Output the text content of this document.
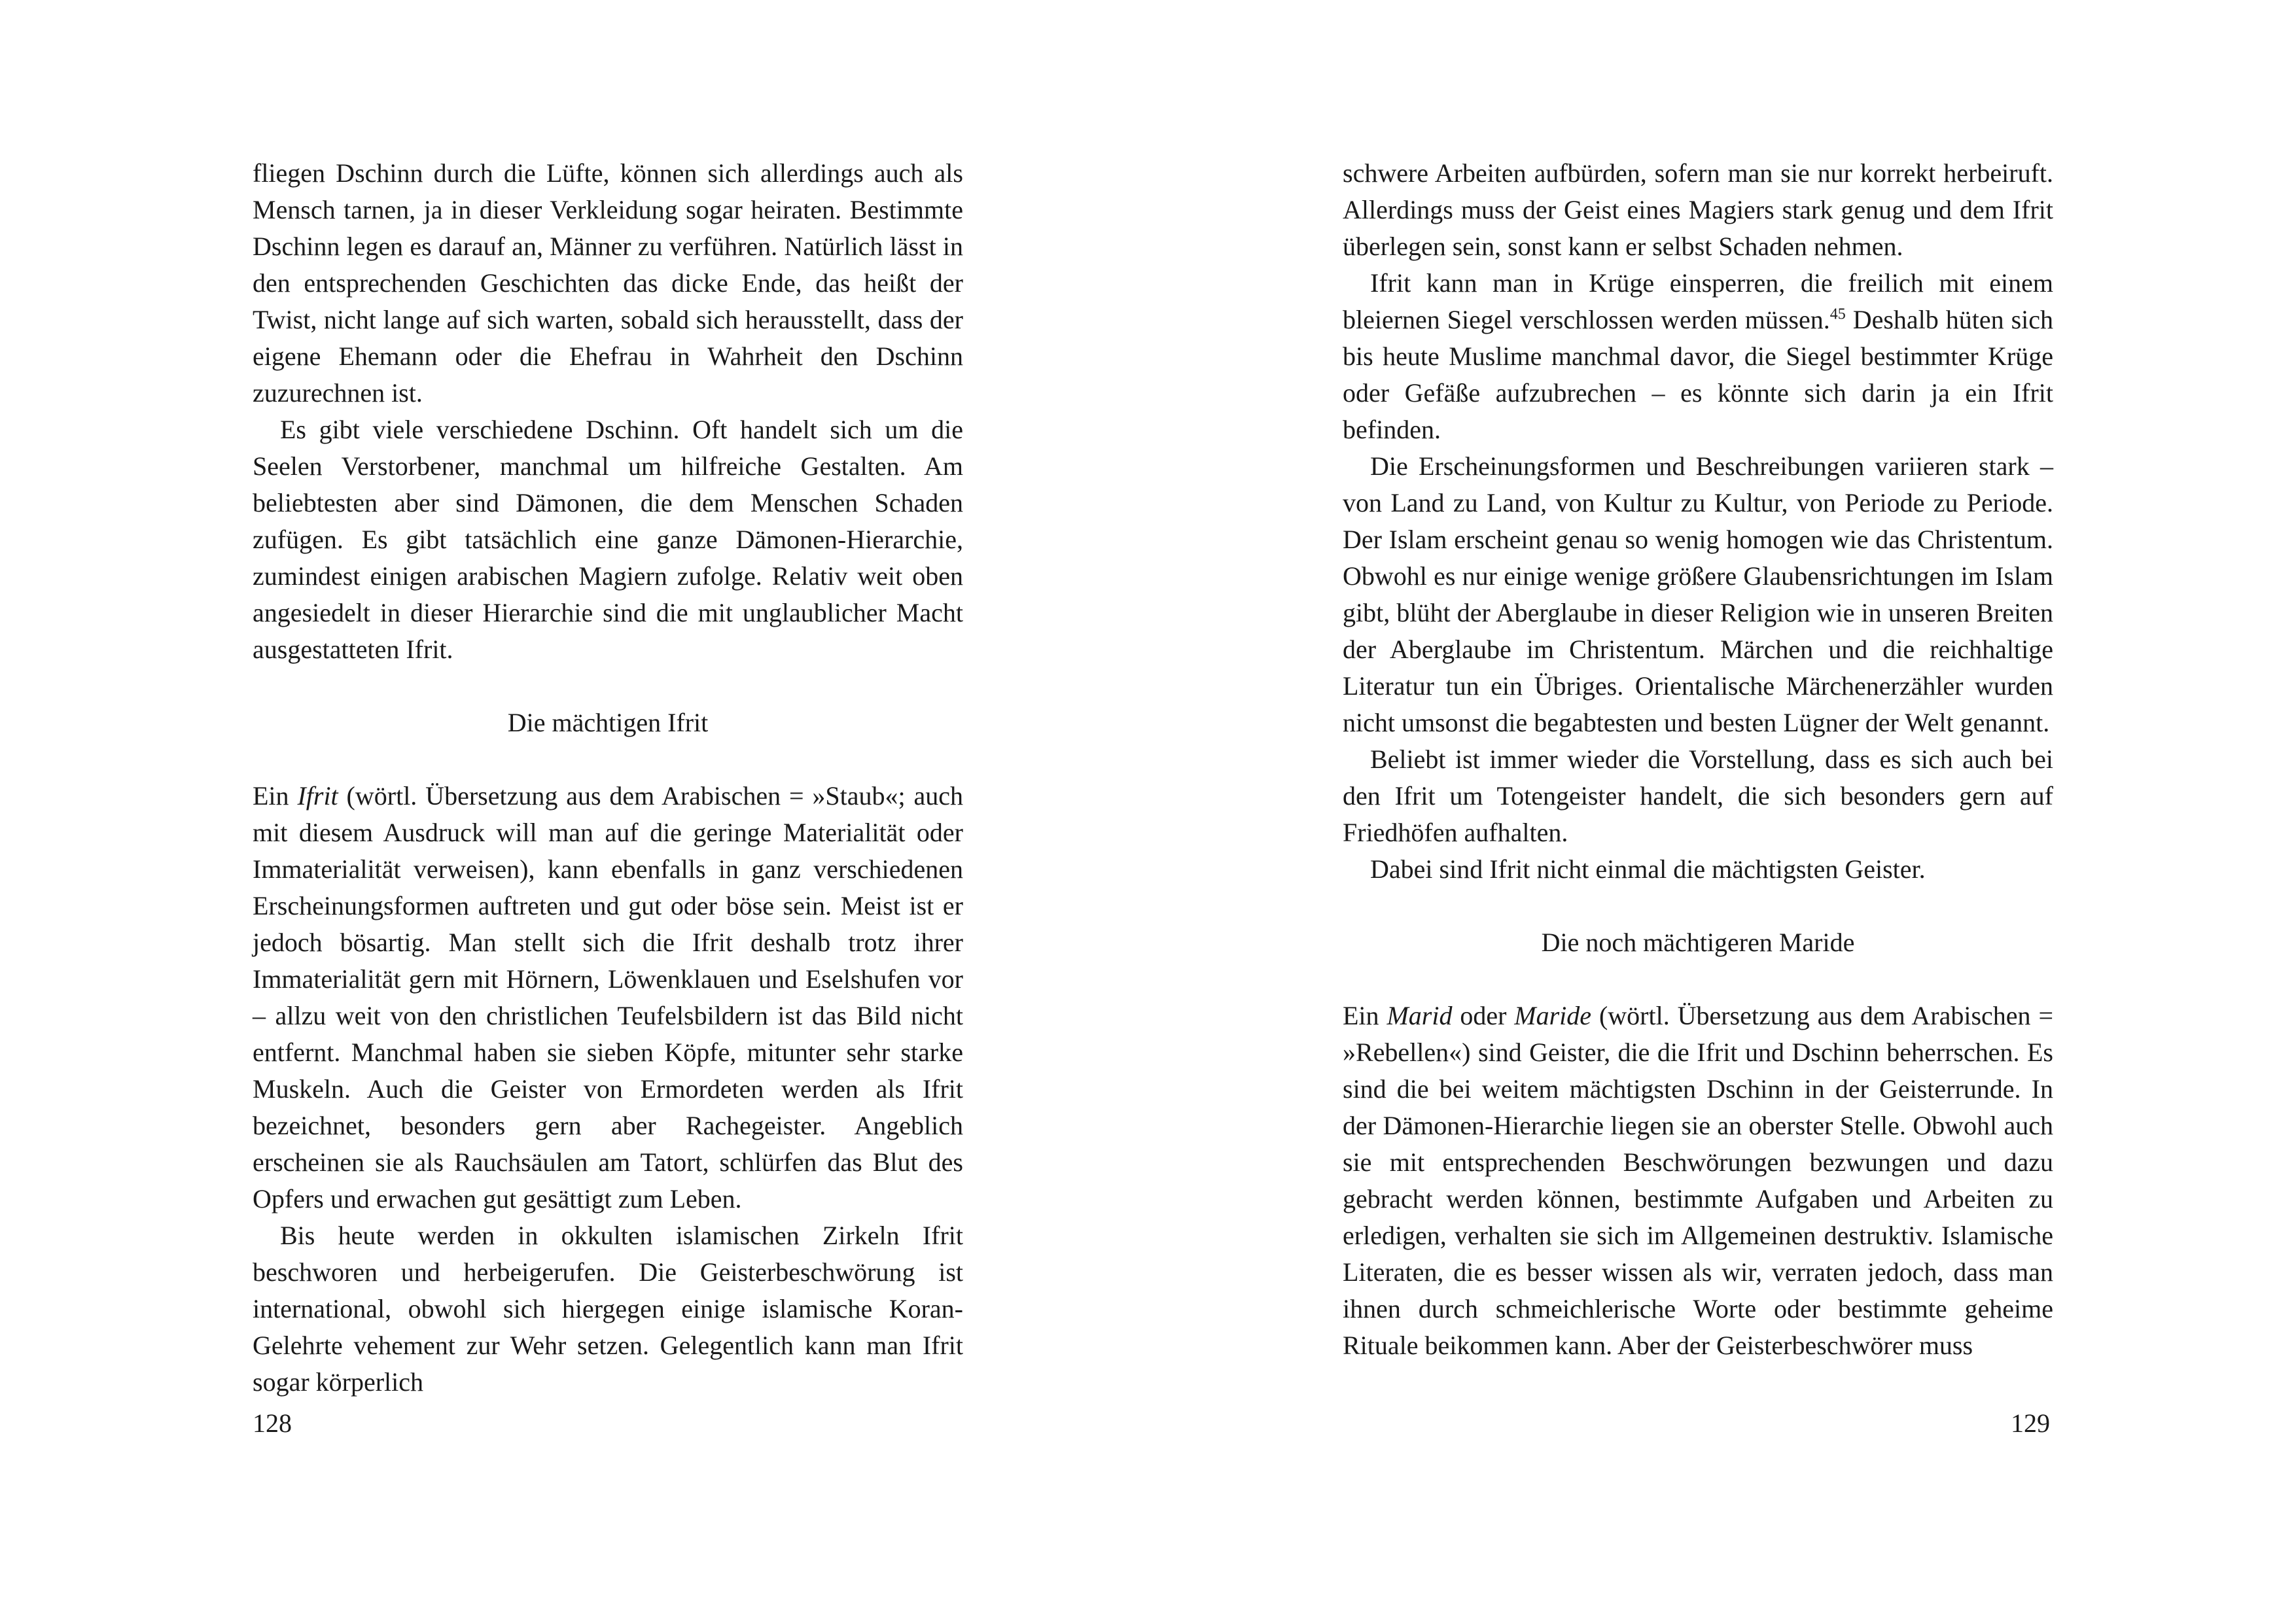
fliegen Dschinn durch die Lüfte, können sich allerdings auch als Mensch tarnen, ja in dieser Verkleidung sogar heiraten. Bestimmte Dschinn legen es darauf an, Männer zu verführen. Natürlich lässt in den entsprechenden Geschichten das dicke Ende, das heißt der Twist, nicht lange auf sich warten, sobald sich herausstellt, dass der eigene Ehemann oder die Ehefrau in Wahrheit den Dschinn zuzurechnen ist.

Es gibt viele verschiedene Dschinn. Oft handelt sich um die Seelen Verstorbener, manchmal um hilfreiche Gestalten. Am beliebtesten aber sind Dämonen, die dem Menschen Schaden zufügen. Es gibt tatsächlich eine ganze Dämonen-Hierarchie, zumindest einigen arabischen Magiern zufolge. Relativ weit oben angesiedelt in dieser Hierarchie sind die mit unglaublicher Macht ausgestatteten Ifrit.

Die mächtigen Ifrit

Ein Ifrit (wörtl. Übersetzung aus dem Arabischen = »Staub«; auch mit diesem Ausdruck will man auf die geringe Materialität oder Immaterialität verweisen), kann ebenfalls in ganz verschiedenen Erscheinungsformen auftreten und gut oder böse sein. Meist ist er jedoch bösartig. Man stellt sich die Ifrit deshalb trotz ihrer Immaterialität gern mit Hörnern, Löwenklauen und Eselshufen vor – allzu weit von den christlichen Teufelsbildern ist das Bild nicht entfernt. Manchmal haben sie sieben Köpfe, mitunter sehr starke Muskeln. Auch die Geister von Ermordeten werden als Ifrit bezeichnet, besonders gern aber Rachegeister. Angeblich erscheinen sie als Rauchsäulen am Tatort, schlürfen das Blut des Opfers und erwachen gut gesättigt zum Leben.

Bis heute werden in okkulten islamischen Zirkeln Ifrit beschworen und herbeigerufen. Die Geisterbeschwörung ist international, obwohl sich hiergegen einige islamische Koran-Gelehrte vehement zur Wehr setzen. Gelegentlich kann man Ifrit sogar körperlich

128

schwere Arbeiten aufbürden, sofern man sie nur korrekt herbeiruft. Allerdings muss der Geist eines Magiers stark genug und dem Ifrit überlegen sein, sonst kann er selbst Schaden nehmen.

Ifrit kann man in Krüge einsperren, die freilich mit einem bleiernen Siegel verschlossen werden müssen.$^{45}$ Deshalb hüten sich bis heute Muslime manchmal davor, die Siegel bestimmter Krüge oder Gefäße aufzubrechen – es könnte sich darin ja ein Ifrit befinden.

Die Erscheinungsformen und Beschreibungen variieren stark – von Land zu Land, von Kultur zu Kultur, von Periode zu Periode. Der Islam erscheint genau so wenig homogen wie das Christentum. Obwohl es nur einige wenige größere Glaubensrichtungen im Islam gibt, blüht der Aberglaube in dieser Religion wie in unseren Breiten der Aberglaube im Christentum. Märchen und die reichhaltige Literatur tun ein Übriges. Orientalische Märchenerzähler wurden nicht umsonst die begabtesten und besten Lügner der Welt genannt.

Beliebt ist immer wieder die Vorstellung, dass es sich auch bei den Ifrit um Totengeister handelt, die sich besonders gern auf Friedhöfen aufhalten.

Dabei sind Ifrit nicht einmal die mächtigsten Geister.

Die noch mächtigeren Maride

Ein Marid oder Maride (wörtl. Übersetzung aus dem Arabischen = »Rebellen«) sind Geister, die die Ifrit und Dschinn beherrschen. Es sind die bei weitem mächtigsten Dschinn in der Geisterrunde. In der Dämonen-Hierarchie liegen sie an oberster Stelle. Obwohl auch sie mit entsprechenden Beschwörungen bezwungen und dazu gebracht werden können, bestimmte Aufgaben und Arbeiten zu erledigen, verhalten sie sich im Allgemeinen destruktiv. Islamische Literaten, die es besser wissen als wir, verraten jedoch, dass man ihnen durch schmeichlerische Worte oder bestimmte geheime Rituale beikommen kann. Aber der Geisterbeschwörer muss

129
